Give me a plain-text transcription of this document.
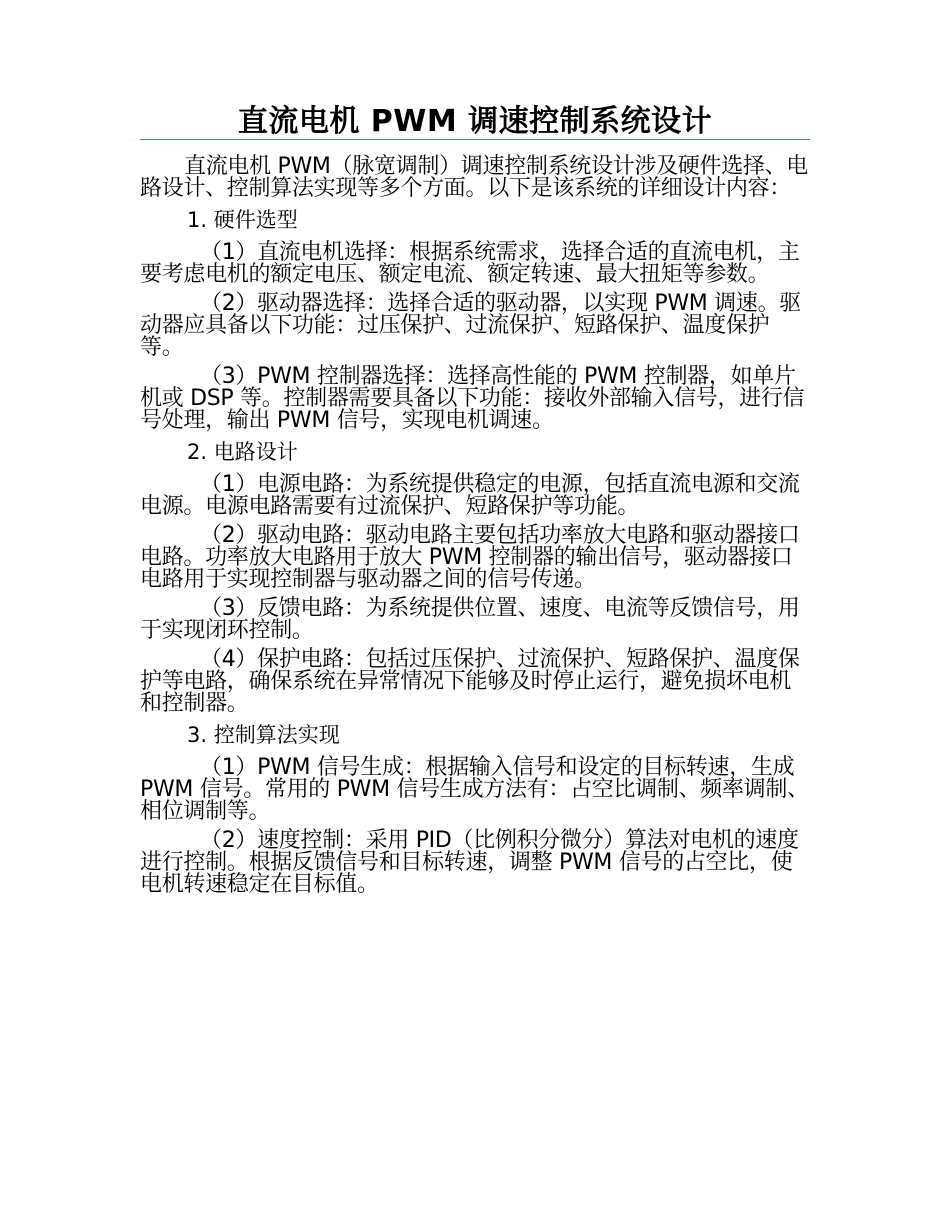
直流电机 PWM 调速控制系统设计

直流电机 PWM（脉宽调制）调速控制系统设计涉及硬件选择、电路设计、控制算法实现等多个方面。以下是该系统的详细设计内容：

1. 硬件选型

（1）直流电机选择：根据系统需求，选择合适的直流电机，主要考虑电机的额定电压、额定电流、额定转速、最大扭矩等参数。

（2）驱动器选择：选择合适的驱动器，以实现 PWM 调速。驱动器应具备以下功能：过压保护、过流保护、短路保护、温度保护等。

（3）PWM 控制器选择：选择高性能的 PWM 控制器，如单片机或 DSP 等。控制器需要具备以下功能：接收外部输入信号，进行信号处理，输出 PWM 信号，实现电机调速。

2. 电路设计

（1）电源电路：为系统提供稳定的电源，包括直流电源和交流电源。电源电路需要有过流保护、短路保护等功能。

（2）驱动电路：驱动电路主要包括功率放大电路和驱动器接口电路。功率放大电路用于放大 PWM 控制器的输出信号，驱动器接口电路用于实现控制器与驱动器之间的信号传递。

（3）反馈电路：为系统提供位置、速度、电流等反馈信号，用于实现闭环控制。

（4）保护电路：包括过压保护、过流保护、短路保护、温度保护等电路，确保系统在异常情况下能够及时停止运行，避免损坏电机和控制器。

3. 控制算法实现

（1）PWM 信号生成：根据输入信号和设定的目标转速，生成 PWM 信号。常用的 PWM 信号生成方法有：占空比调制、频率调制、相位调制等。

（2）速度控制：采用 PID（比例积分微分）算法对电机的速度进行控制。根据反馈信号和目标转速，调整 PWM 信号的占空比，使电机转速稳定在目标值。
